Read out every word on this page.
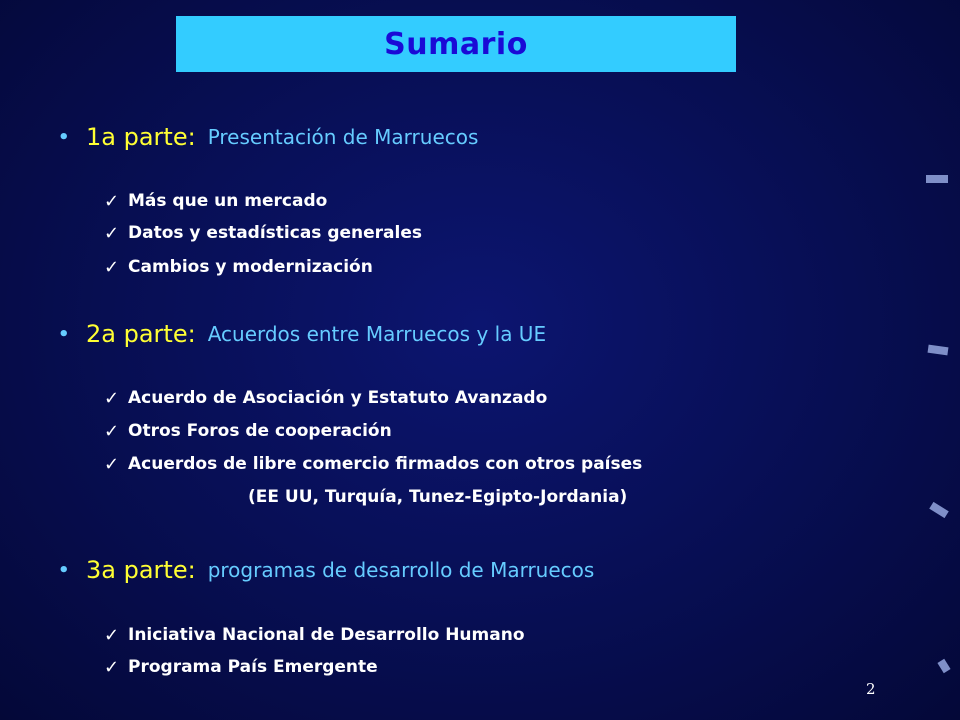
Sumario
• 1a parte: Presentación de Marruecos
✓ Más que un mercado
✓ Datos y estadísticas generales
✓ Cambios y modernización
• 2a parte: Acuerdos entre Marruecos y la UE
✓ Acuerdo de Asociación y Estatuto Avanzado
✓ Otros Foros de cooperación
✓ Acuerdos de libre comercio firmados con otros países
(EE UU, Turquía, Tunez-Egipto-Jordania)
• 3a parte: programas de desarrollo de Marruecos
✓ Iniciativa Nacional de Desarrollo Humano
✓ Programa País Emergente
2
